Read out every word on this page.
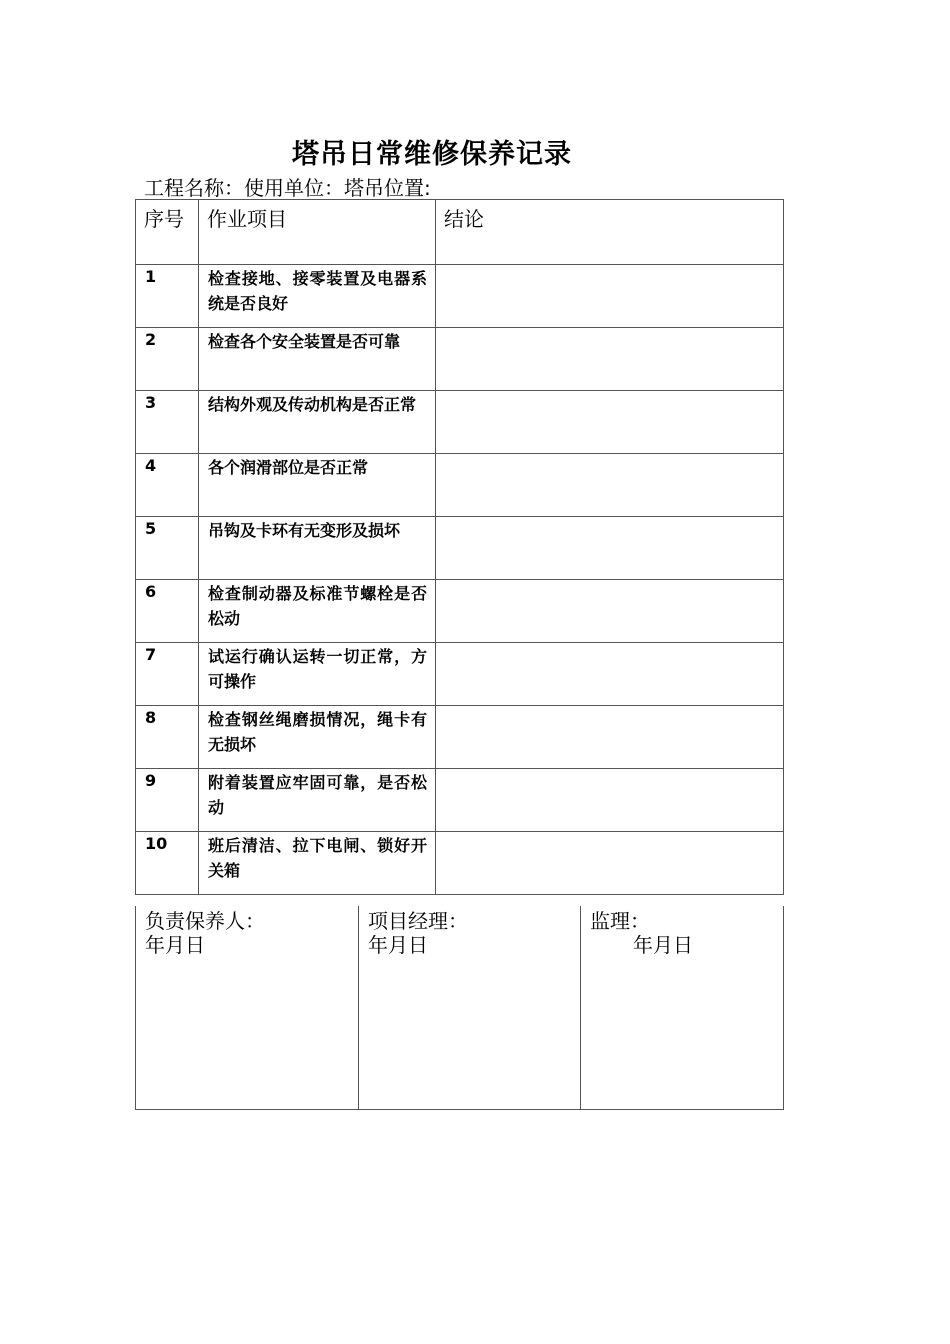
塔吊日常维修保养记录
工程名称：使用单位：塔吊位置:
序号	作业项目	结论

1	检查接地、接零装置及电器系统是否良好	

2	检查各个安全装置是否可靠	

3	结构外观及传动机构是否正常	

4	各个润滑部位是否正常	

5	吊钩及卡环有无变形及损坏	

6	检查制动器及标准节螺栓是否松动	

7	试运行确认运转一切正常，方可操作	

8	检查钢丝绳磨损情况，绳卡有无损坏	

9	附着装置应牢固可靠，是否松动	

10	班后清洁、拉下电闸、锁好开关箱	

负责保养人：
年月日

项目经理：
年月日

监理：
年月日
